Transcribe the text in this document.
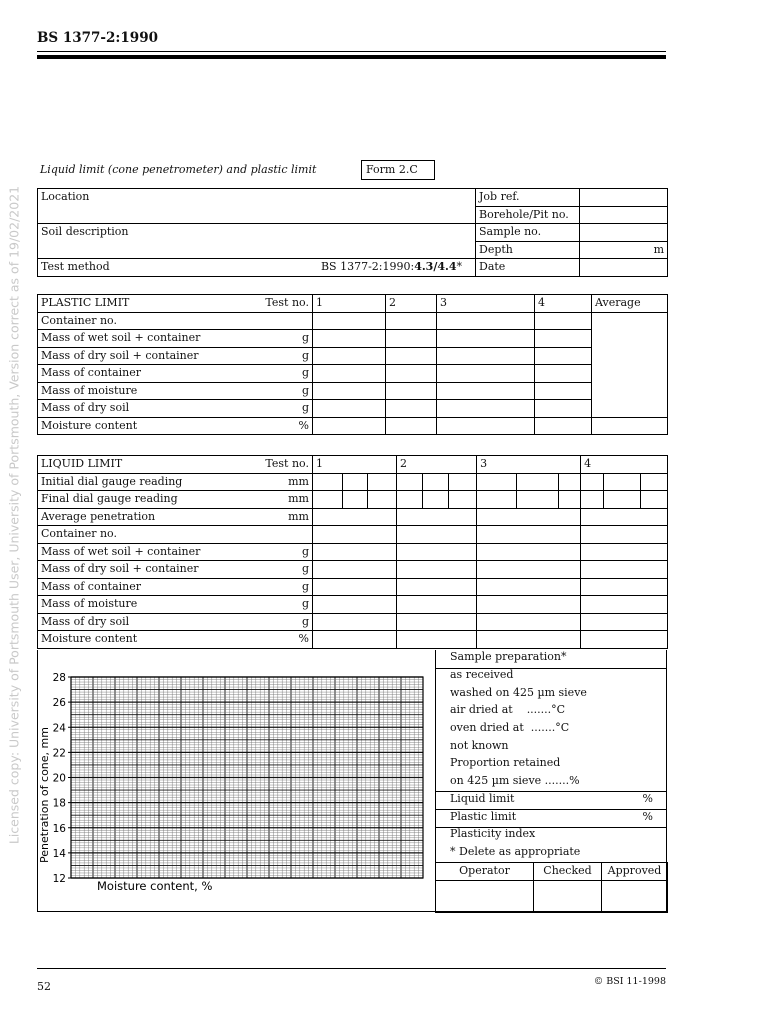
BS 1377-2:1990
Licensed copy: University of Portsmouth User, University of Portsmouth, Version correct as of 19/02/2021
Liquid limit (cone penetrometer) and plastic limit	Form 2.C
Location	Job ref.	
	Borehole/Pit no.	
Soil description	Sample no.	
	Depth	m

Test method BS 1377-2:1990:4.3/4.4*	Date	
PLASTIC LIMIT Test no.	1	2	3	4	Average

Container no.					

Mass of wet soil + container g					

Mass of dry soil + container g					

Mass of container g					

Mass of moisture g					

Mass of dry soil g					

Moisture content %					

LIQUID LIMIT Test no.	1			2			3			4		

Initial dial gauge reading mm												

Final dial gauge reading mm												

Average penetration mm												

Container no.												

Mass of wet soil + container g												

Mass of dry soil + container g												

Mass of container g												

Mass of moisture g												

Mass of dry soil g												

Moisture content %												

28
26
24
22
20
18
16
14
12
Penetration of cone, mm
Moisture content, %
Sample preparation*
as received
washed on 425 µm sieve
air dried at .......°C
oven dried at .......°C
not known
Proportion retained
on 425 µm sieve .......%
Liquid limit	%
Plastic limit	%
Plasticity index
* Delete as appropriate
Operator	Checked	Approved

52	© BSI 11-1998
